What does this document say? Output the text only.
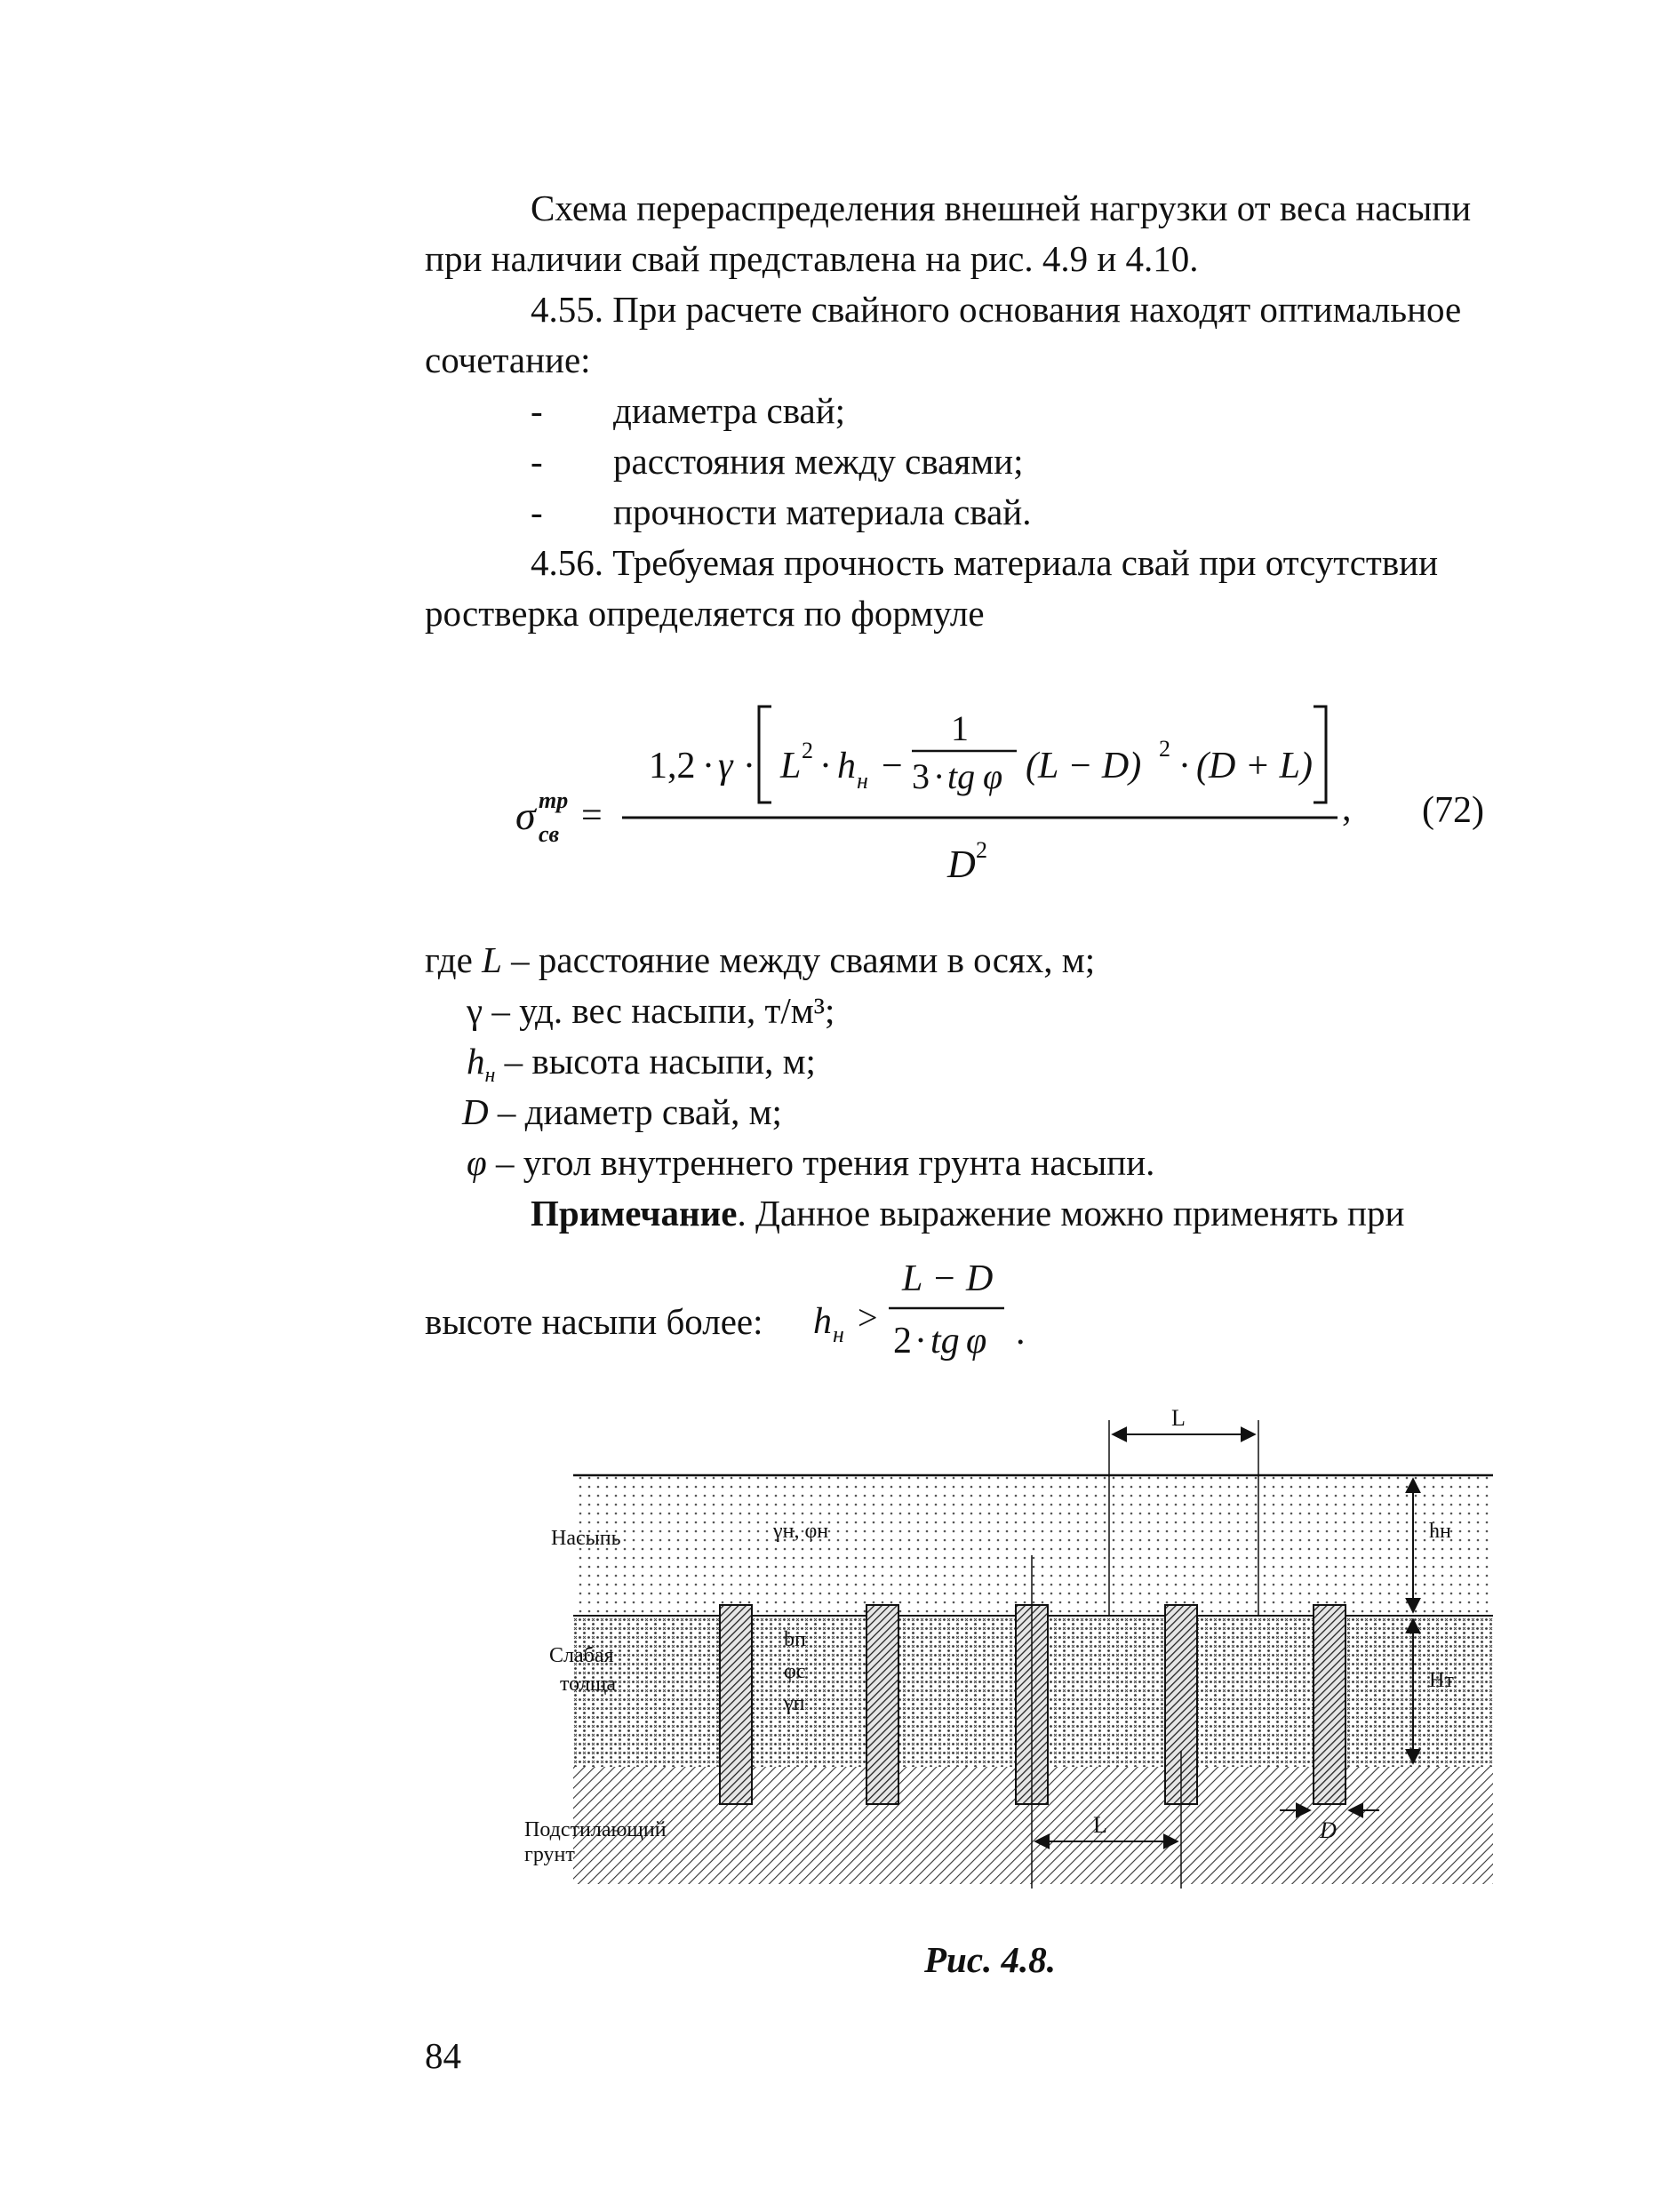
Схема перераспределения внешней нагрузки от веса насыпи

при наличии свай представлена на рис. 4.9 и 4.10.

4.55. При расчете свайного основания находят оптимальное

сочетание:

- диаметра свай;

- расстояния между сваями;

- прочности материала свай.

4.56. Требуемая прочность материала свай при отсутствии

ростверка определяется по формуле

σ тр
св =
1,2 · γ · L 2 · h н −
1
3 · tg φ (L − D) 2 · (D + L)
D 2
, (72)

где L – расстояние между сваями в осях, м;

γ – уд. вес насыпи, т/м³;

$h_н$ – высота насыпи, м;

D – диаметр свай, м;

φ – угол внутреннего трения грунта насыпи.

Примечание. Данное выражение можно применять при

высоте насыпи более: h н >
L − D
2 · tg φ .
L
hн
Hт
L	D
Насыпь	γн, φн
Слабая
толща
bп
φс
γп
Подстилающий
грунт

Рис. 4.8.

84
